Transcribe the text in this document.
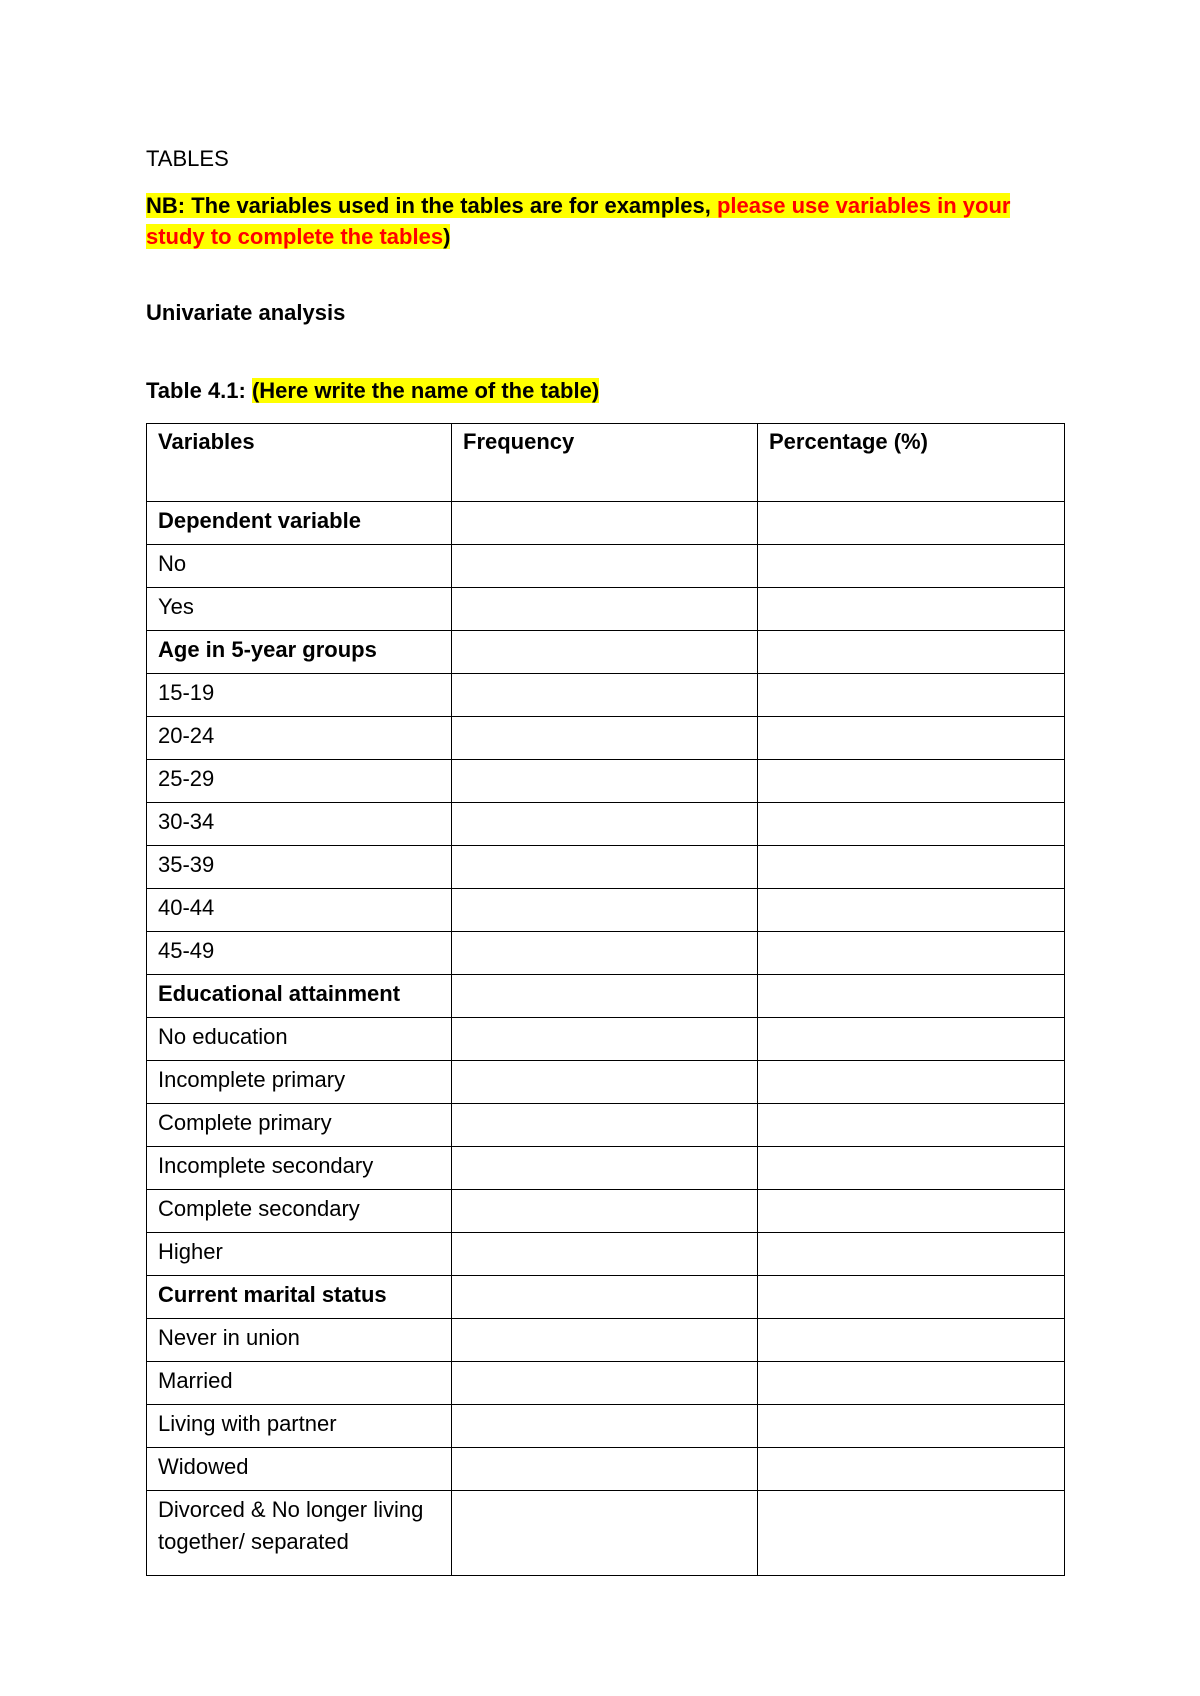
TABLES
NB: The variables used in the tables are for examples, please use variables in your study to complete the tables)
Univariate analysis
Table 4.1: (Here write the name of the table)
Variables	Frequency	Percentage (%)
Dependent variable		
No		
Yes		
Age in 5-year groups		
15-19		
20-24		
25-29		
30-34		
35-39		
40-44		
45-49		
Educational attainment		
No education		
Incomplete primary		
Complete primary		
Incomplete secondary		
Complete secondary		
Higher		
Current marital status		
Never in union		
Married		
Living with partner		
Widowed		
Divorced & No longer living together/ separated		
